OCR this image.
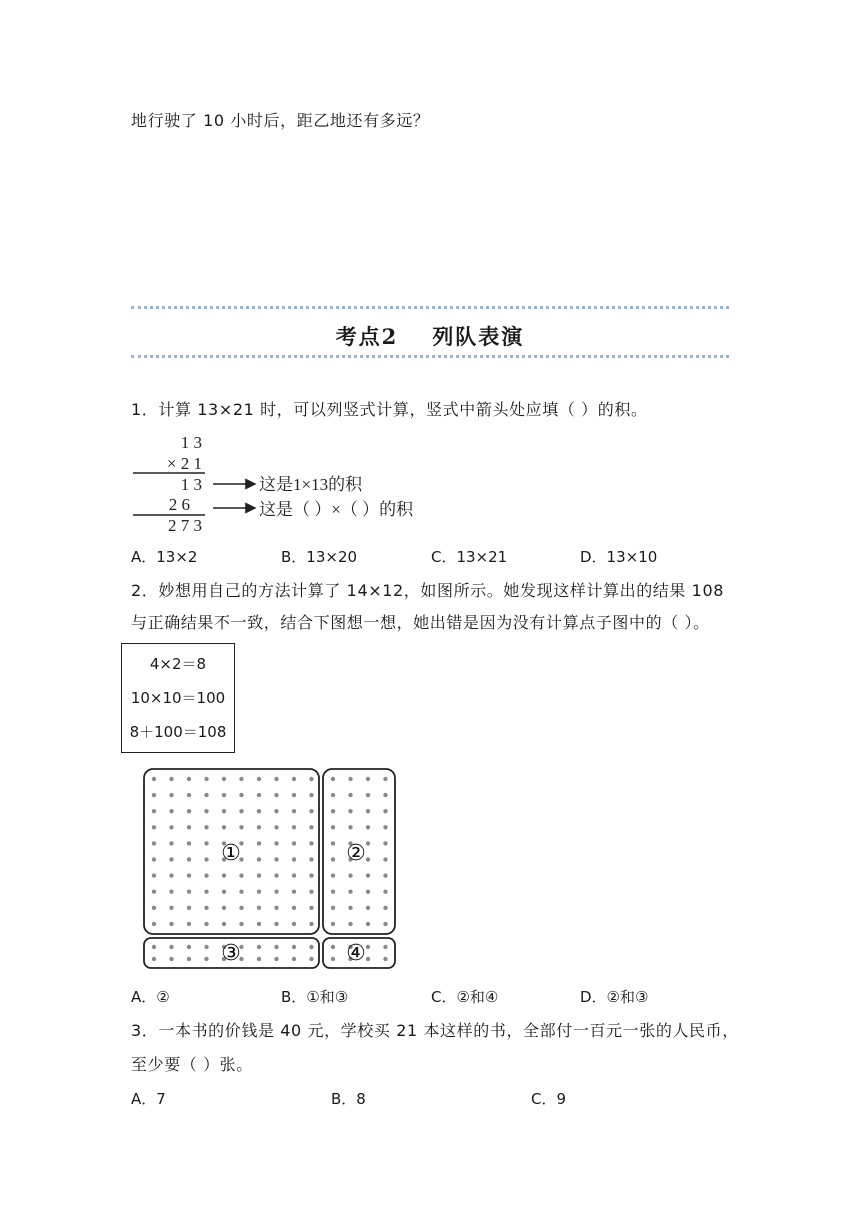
地行驶了 10 小时后，距乙地还有多远？
考点2 列队表演
1．计算 13×21 时，可以列竖式计算，竖式中箭头处应填（ ）的积。
1 3
× 2 1
1 3
2 6
2 7 3
这是1×13的积
这是（ ）×（ ）的积
A．13×2	B．13×20	C．13×21	D．13×10
2．妙想用自己的方法计算了 14×12，如图所示。她发现这样计算出的结果 108
与正确结果不一致，结合下图想一想，她出错是因为没有计算点子图中的（ ）。
4×2＝8
10×10＝100
8＋100＝108
①	②
③	④
A．②	B．①和③	C．②和④	D．②和③
3．一本书的价钱是 40 元，学校买 21 本这样的书，全部付一百元一张的人民币，
至少要（ ）张。
A．7	B．8	C．9
